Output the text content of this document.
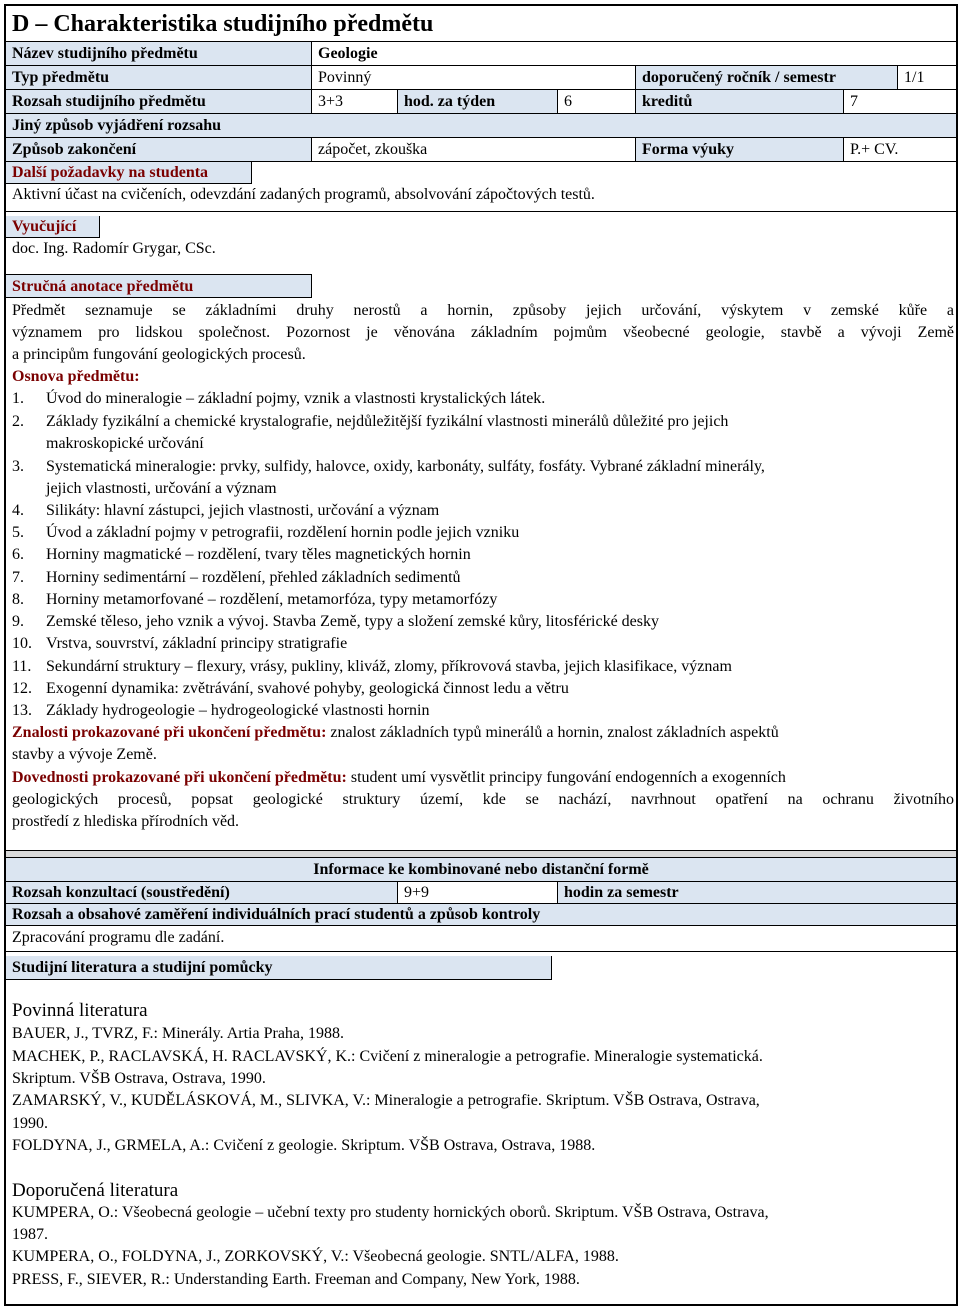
D – Charakteristika studijního předmětu
Název studijního předmětu	Geologie
Typ předmětu	Povinný	doporučený ročník / semestr	1/1
Rozsah studijního předmětu	3+3	hod. za týden	6	kreditů	7
Jiný způsob vyjádření rozsahu
Způsob zakončení	zápočet, zkouška	Forma výuky	P.+ CV.
Další požadavky na studenta
Aktivní účast na cvičeních, odevzdání zadaných programů, absolvování zápočtových testů.
Vyučující
doc. Ing. Radomír Grygar, CSc.
Stručná anotace předmětu
Předmět seznamuje se základními druhy nerostů a hornin, způsoby jejich určování, výskytem v zemské kůře a
významem pro lidskou společnost. Pozornost je věnována základním pojmům všeobecné geologie, stavbě a vývoji Země
a principům fungování geologických procesů.
Osnova předmětu:
1. Úvod do mineralogie – základní pojmy, vznik a vlastnosti krystalických látek.
2. Základy fyzikální a chemické krystalografie, nejdůležitější fyzikální vlastnosti minerálů důležité pro jejich
makroskopické určování
3. Systematická mineralogie: prvky, sulfidy, halovce, oxidy, karbonáty, sulfáty, fosfáty. Vybrané základní minerály,
jejich vlastnosti, určování a význam
4. Silikáty: hlavní zástupci, jejich vlastnosti, určování a význam
5. Úvod a základní pojmy v petrografii, rozdělení hornin podle jejich vzniku
6. Horniny magmatické – rozdělení, tvary těles magnetických hornin
7. Horniny sedimentární – rozdělení, přehled základních sedimentů
8. Horniny metamorfované – rozdělení, metamorfóza, typy metamorfózy
9. Zemské těleso, jeho vznik a vývoj. Stavba Země, typy a složení zemské kůry, litosférické desky
10. Vrstva, souvrství, základní principy stratigrafie
11. Sekundární struktury – flexury, vrásy, pukliny, kliváž, zlomy, příkrovová stavba, jejich klasifikace, význam
12. Exogenní dynamika: zvětrávání, svahové pohyby, geologická činnost ledu a větru
13. Základy hydrogeologie – hydrogeologické vlastnosti hornin
Znalosti prokazované při ukončení předmětu: znalost základních typů minerálů a hornin, znalost základních aspektů
stavby a vývoje Země.
Dovednosti prokazované při ukončení předmětu: student umí vysvětlit principy fungování endogenních a exogenních
geologických procesů, popsat geologické struktury území, kde se nachází, navrhnout opatření na ochranu životního
prostředí z hlediska přírodních věd.
Informace ke kombinované nebo distanční formě
Rozsah konzultací (soustředění)	9+9	hodin za semestr
Rozsah a obsahové zaměření individuálních prací studentů a způsob kontroly
Zpracování programu dle zadání.
Studijní literatura a studijní pomůcky
Povinná literatura
BAUER, J., TVRZ, F.: Minerály. Artia Praha, 1988.
MACHEK, P., RACLAVSKÁ, H. RACLAVSKÝ, K.: Cvičení z mineralogie a petrografie. Mineralogie systematická.
Skriptum. VŠB Ostrava, Ostrava, 1990.
ZAMARSKÝ, V., KUDĚLÁSKOVÁ, M., SLIVKA, V.: Mineralogie a petrografie. Skriptum. VŠB Ostrava, Ostrava,
1990.
FOLDYNA, J., GRMELA, A.: Cvičení z geologie. Skriptum. VŠB Ostrava, Ostrava, 1988.
Doporučená literatura
KUMPERA, O.: Všeobecná geologie – učební texty pro studenty hornických oborů. Skriptum. VŠB Ostrava, Ostrava,
1987.
KUMPERA, O., FOLDYNA, J., ZORKOVSKÝ, V.: Všeobecná geologie. SNTL/ALFA, 1988.
PRESS, F., SIEVER, R.: Understanding Earth. Freeman and Company, New York, 1988.
